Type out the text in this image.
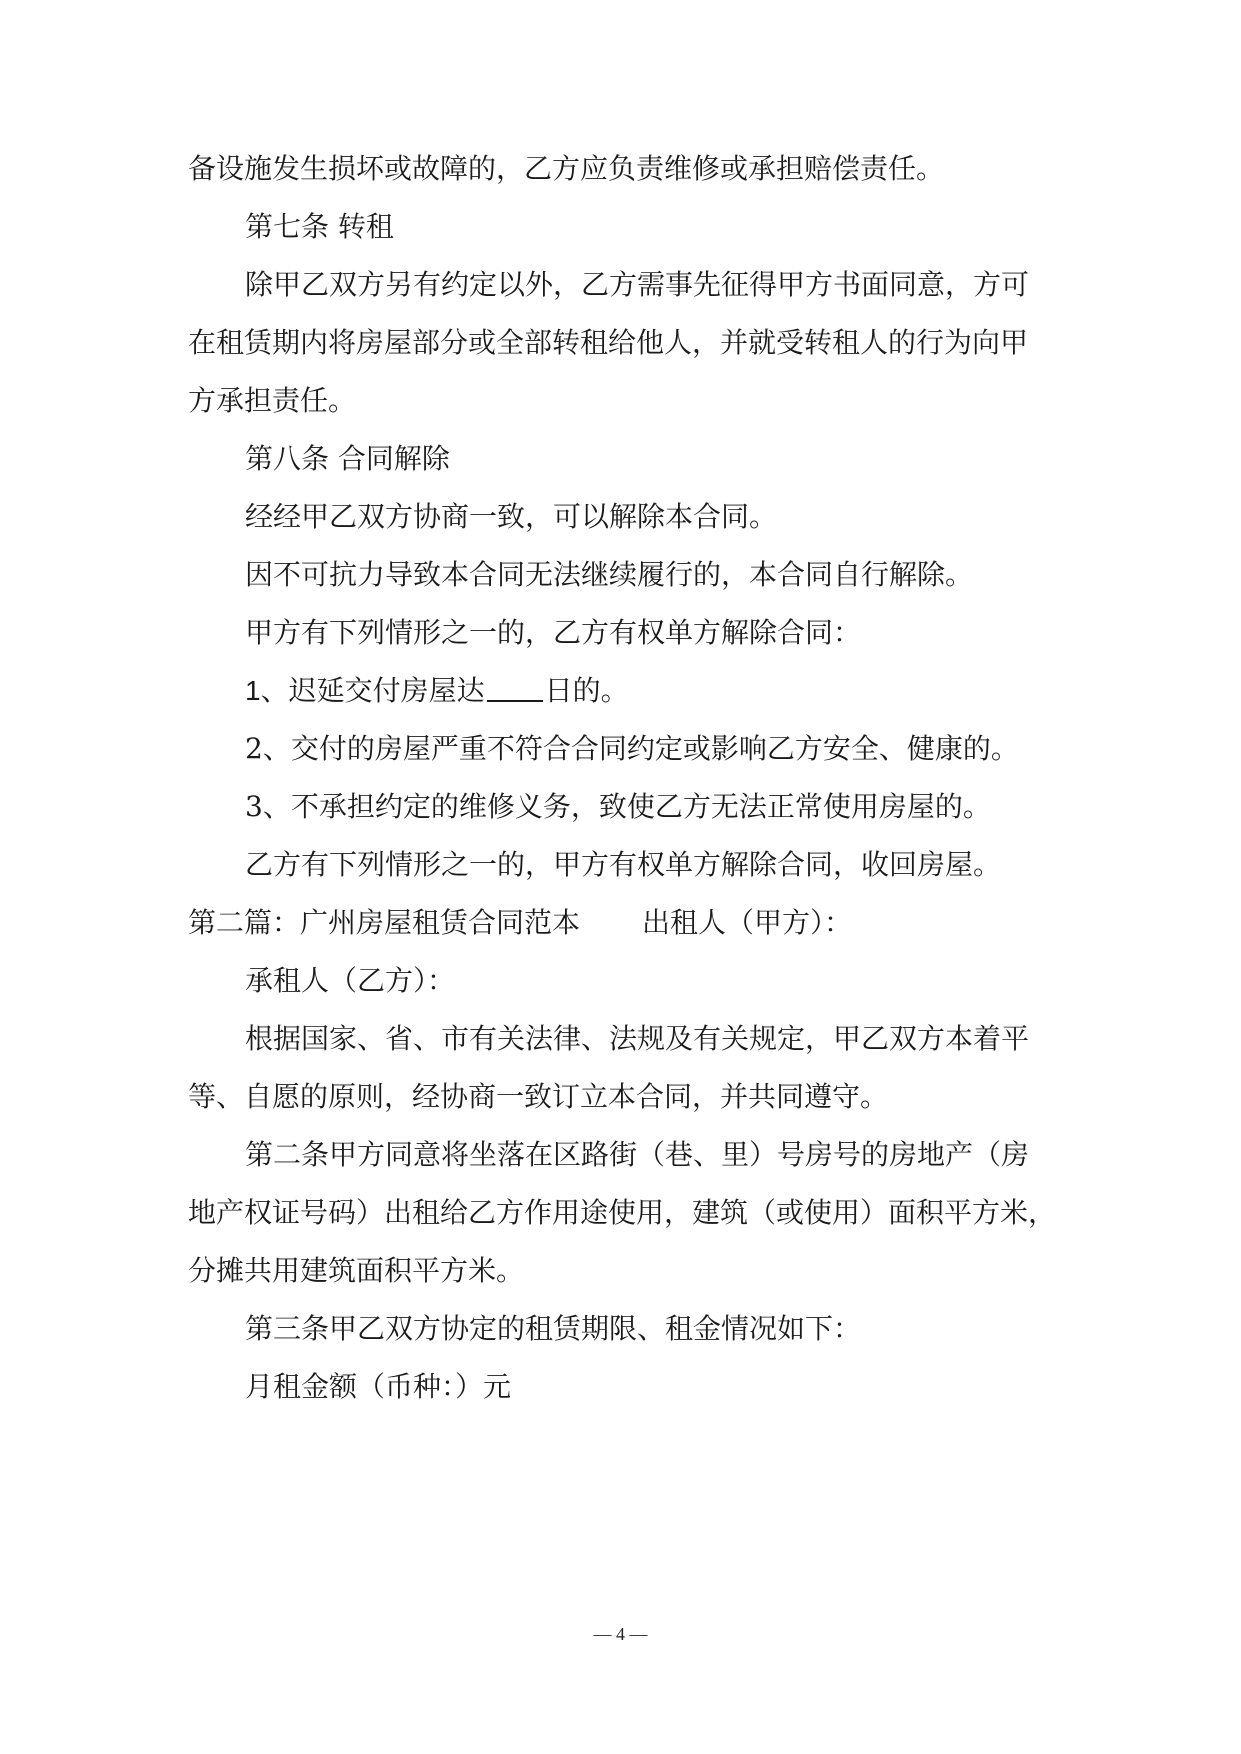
备设施发生损坏或故障的，乙方应负责维修或承担赔偿责任。
第七条 转租
除甲乙双方另有约定以外，乙方需事先征得甲方书面同意，方可
在租赁期内将房屋部分或全部转租给他人，并就受转租人的行为向甲
方承担责任。
第八条 合同解除
经经甲乙双方协商一致，可以解除本合同。
因不可抗力导致本合同无法继续履行的，本合同自行解除。
甲方有下列情形之一的，乙方有权单方解除合同：
1、迟延交付房屋达 日的。
2、交付的房屋严重不符合合同约定或影响乙方安全、健康的。
3、不承担约定的维修义务，致使乙方无法正常使用房屋的。
乙方有下列情形之一的，甲方有权单方解除合同，收回房屋。
第二篇：广州房屋租赁合同范本 出租人（甲方）：
承租人（乙方）：
根据国家、省、市有关法律、法规及有关规定，甲乙双方本着平
等、自愿的原则，经协商一致订立本合同，并共同遵守。
第二条甲方同意将坐落在区路街（巷、里）号房号的房地产（房
地产权证号码）出租给乙方作用途使用，建筑（或使用）面积平方米，
分摊共用建筑面积平方米。
第三条甲乙双方协定的租赁期限、租金情况如下：
月租金额（币种：）元
— 4 —
